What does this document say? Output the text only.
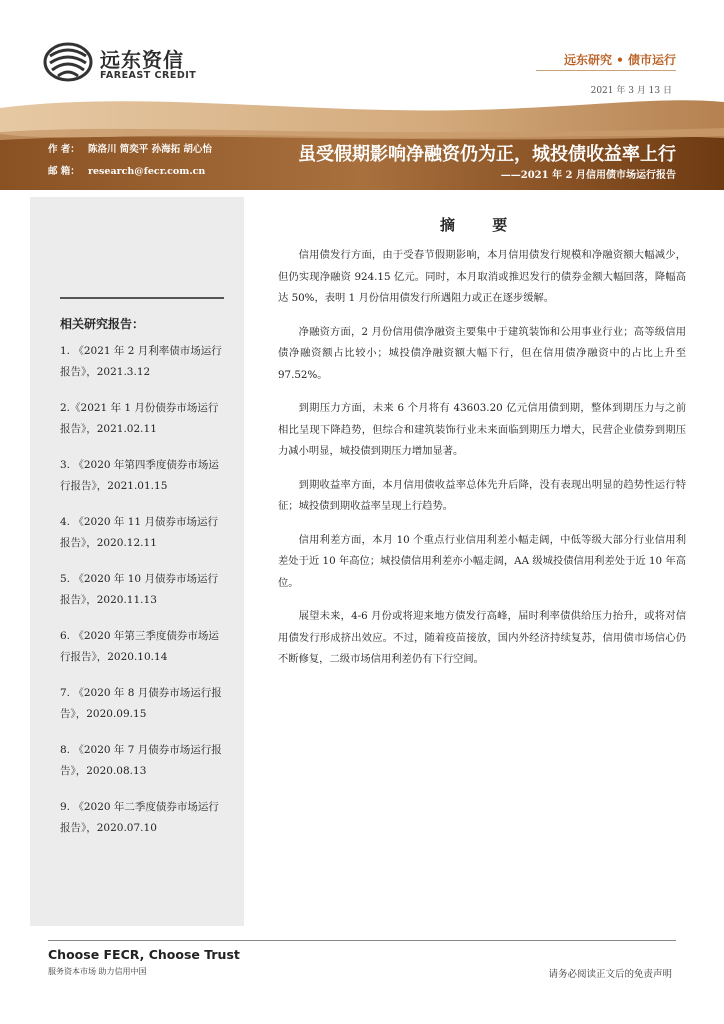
远东资信
FAREAST CREDIT
远东研究 • 债市运行
2021 年 3 月 13 日
作 者： 陈洛川 简奕平 孙海拓 胡心怡
邮 箱： research@fecr.com.cn
虽受假期影响净融资仍为正，城投债收益率上行
——2021 年 2 月信用债市场运行报告
相关研究报告：
1. 《2021 年 2 月利率债市场运行报告》，2021.3.12
2.《2021 年 1 月份债券市场运行报告》，2021.02.11
3. 《2020 年第四季度债券市场运行报告》，2021.01.15
4. 《2020 年 11 月债券市场运行报告》，2020.12.11
5. 《2020 年 10 月债券市场运行报告》，2020.11.13
6. 《2020 年第三季度债券市场运行报告》，2020.10.14
7. 《2020 年 8 月债券市场运行报告》，2020.09.15
8. 《2020 年 7 月债券市场运行报告》，2020.08.13
9. 《2020 年二季度债券市场运行报告》，2020.07.10
摘 要

信用债发行方面，由于受春节假期影响，本月信用债发行规模和净融资额大幅减少，但仍实现净融资 924.15 亿元。同时，本月取消或推迟发行的债券金额大幅回落，降幅高达 50%，表明 1 月份信用债发行所遇阻力或正在逐步缓解。

净融资方面，2 月份信用债净融资主要集中于建筑装饰和公用事业行业；高等级信用债净融资额占比较小；城投债净融资额大幅下行，但在信用债净融资中的占比上升至 97.52%。

到期压力方面，未来 6 个月将有 43603.20 亿元信用债到期，整体到期压力与之前相比呈现下降趋势，但综合和建筑装饰行业未来面临到期压力增大，民营企业债券到期压力减小明显，城投债到期压力增加显著。

到期收益率方面，本月信用债收益率总体先升后降，没有表现出明显的趋势性运行特征；城投债到期收益率呈现上行趋势。

信用利差方面，本月 10 个重点行业信用利差小幅走阔，中低等级大部分行业信用利差处于近 10 年高位；城投债信用利差亦小幅走阔，AA 级城投债信用利差处于近 10 年高位。

展望未来，4-6 月份或将迎来地方债发行高峰，届时利率债供给压力抬升，或将对信用债发行形成挤出效应。不过，随着疫苗接放，国内外经济持续复苏，信用债市场信心仍不断修复，二级市场信用利差仍有下行空间。

Choose FECR, Choose Trust
服务资本市场 助力信用中国	请务必阅读正文后的免责声明
